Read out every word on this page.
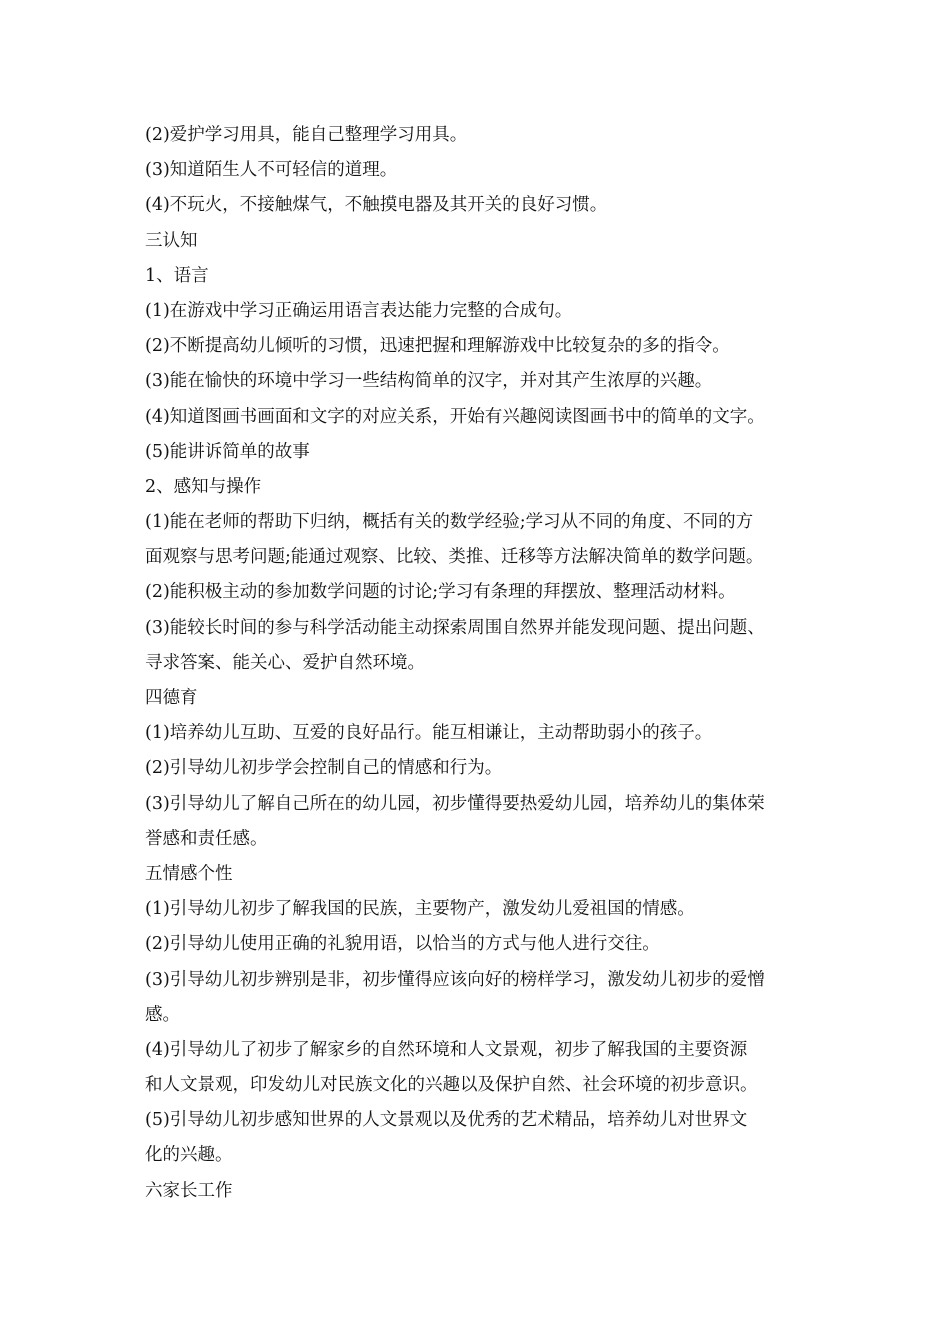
(2)爱护学习用具，能自己整理学习用具。
(3)知道陌生人不可轻信的道理。
(4)不玩火，不接触煤气，不触摸电器及其开关的良好习惯。
三认知
1、语言
(1)在游戏中学习正确运用语言表达能力完整的合成句。
(2)不断提高幼儿倾听的习惯，迅速把握和理解游戏中比较复杂的多的指令。
(3)能在愉快的环境中学习一些结构简单的汉字，并对其产生浓厚的兴趣。
(4)知道图画书画面和文字的对应关系，开始有兴趣阅读图画书中的简单的文字。
(5)能讲诉简单的故事
2、感知与操作
(1)能在老师的帮助下归纳，概括有关的数学经验;学习从不同的角度、不同的方
面观察与思考问题;能通过观察、比较、类推、迁移等方法解决简单的数学问题。
(2)能积极主动的参加数学问题的讨论;学习有条理的拜摆放、整理活动材料。
(3)能较长时间的参与科学活动能主动探索周围自然界并能发现问题、提出问题、
寻求答案、能关心、爱护自然环境。
四德育
(1)培养幼儿互助、互爱的良好品行。能互相谦让，主动帮助弱小的孩子。
(2)引导幼儿初步学会控制自己的情感和行为。
(3)引导幼儿了解自己所在的幼儿园，初步懂得要热爱幼儿园，培养幼儿的集体荣
誉感和责任感。
五情感个性
(1)引导幼儿初步了解我国的民族，主要物产，激发幼儿爱祖国的情感。
(2)引导幼儿使用正确的礼貌用语，以恰当的方式与他人进行交往。
(3)引导幼儿初步辨别是非，初步懂得应该向好的榜样学习，激发幼儿初步的爱憎
感。
(4)引导幼儿了初步了解家乡的自然环境和人文景观，初步了解我国的主要资源
和人文景观，印发幼儿对民族文化的兴趣以及保护自然、社会环境的初步意识。
(5)引导幼儿初步感知世界的人文景观以及优秀的艺术精品，培养幼儿对世界文
化的兴趣。
六家长工作
